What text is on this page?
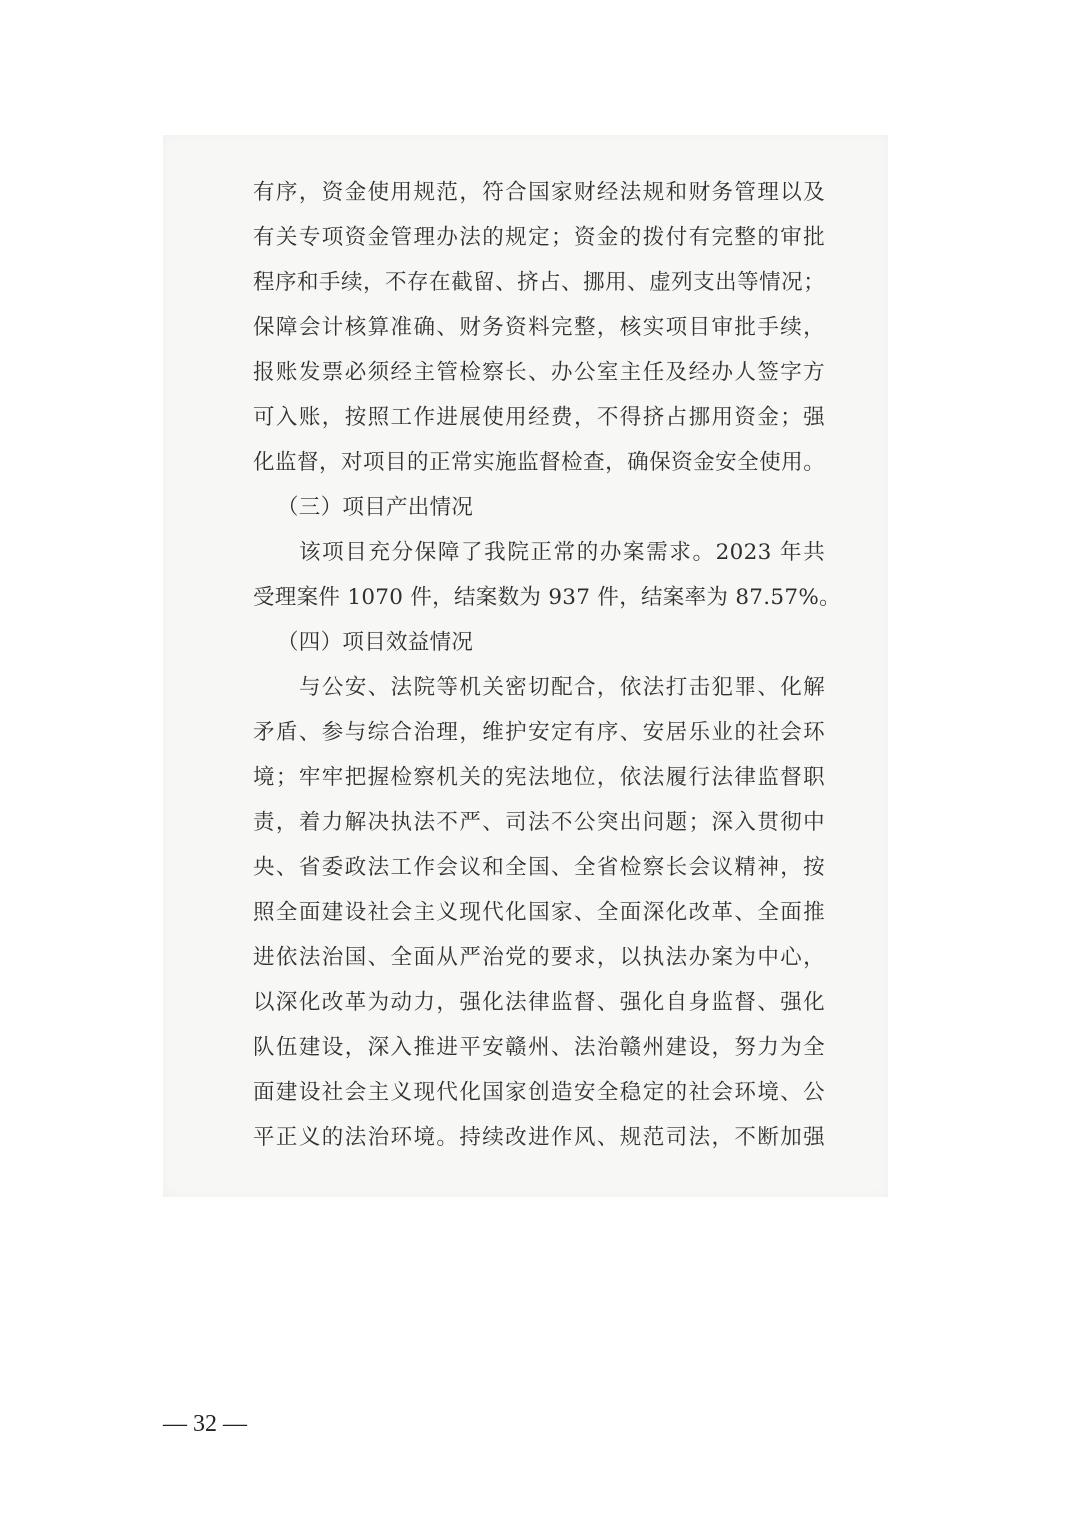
有序，资金使用规范，符合国家财经法规和财务管理以及
有关专项资金管理办法的规定；资金的拨付有完整的审批
程序和手续，不存在截留、挤占、挪用、虚列支出等情况；
保障会计核算准确、财务资料完整，核实项目审批手续，
报账发票必须经主管检察长、办公室主任及经办人签字方
可入账，按照工作进展使用经费，不得挤占挪用资金；强
化监督，对项目的正常实施监督检查，确保资金安全使用。
（三）项目产出情况
该项目充分保障了我院正常的办案需求。2023 年共
受理案件 1070 件，结案数为 937 件，结案率为 87.57%。
（四）项目效益情况
与公安、法院等机关密切配合，依法打击犯罪、化解
矛盾、参与综合治理，维护安定有序、安居乐业的社会环
境；牢牢把握检察机关的宪法地位，依法履行法律监督职
责，着力解决执法不严、司法不公突出问题；深入贯彻中
央、省委政法工作会议和全国、全省检察长会议精神，按
照全面建设社会主义现代化国家、全面深化改革、全面推
进依法治国、全面从严治党的要求，以执法办案为中心，
以深化改革为动力，强化法律监督、强化自身监督、强化
队伍建设，深入推进平安赣州、法治赣州建设，努力为全
面建设社会主义现代化国家创造安全稳定的社会环境、公
平正义的法治环境。持续改进作风、规范司法，不断加强
— 32 —
